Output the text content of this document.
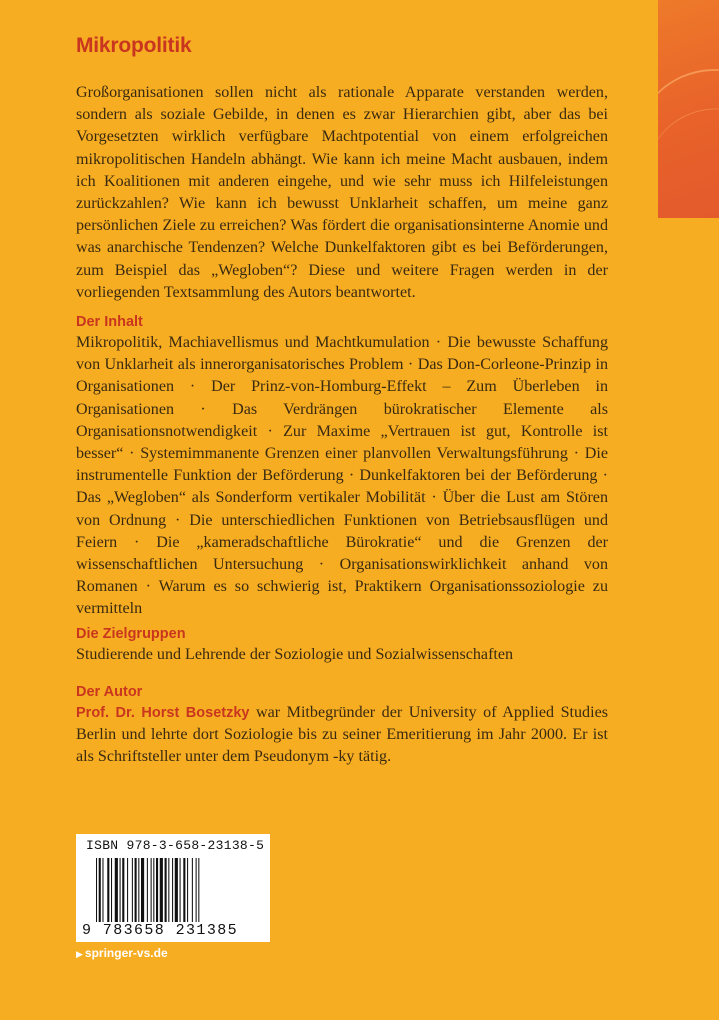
Mikropolitik

Großorganisationen sollen nicht als rationale Apparate verstanden werden, sondern als soziale Gebilde, in denen es zwar Hierarchien gibt, aber das bei Vorgesetzten wirklich verfügbare Machtpotential von einem erfolgreichen mikropolitischen Handeln abhängt. Wie kann ich meine Macht ausbauen, indem ich Koalitionen mit anderen eingehe, und wie sehr muss ich Hilfeleistungen zurückzahlen? Wie kann ich bewusst Unklarheit schaffen, um meine ganz persönlichen Ziele zu erreichen? Was fördert die organisationsinterne Anomie und was anarchische Tendenzen? Welche Dunkelfaktoren gibt es bei Beförderungen, zum Beispiel das „Wegloben“? Diese und weitere Fragen werden in der vorliegenden Textsammlung des Autors beantwortet.

Der Inhalt

Mikropolitik, Machiavellismus und Machtkumulation · Die bewusste Schaffung von Unklarheit als innerorganisatorisches Problem · Das Don-Corleone-Prinzip in Organisationen · Der Prinz-von-Homburg-Effekt – Zum Überleben in Organisationen · Das Verdrängen bürokratischer Elemente als Organisationsnotwendigkeit · Zur Maxime „Vertrauen ist gut, Kontrolle ist besser“ · Systemimmanente Grenzen einer planvollen Verwaltungsführung · Die instrumentelle Funktion der Beförderung · Dunkelfaktoren bei der Beförderung · Das „Wegloben“ als Sonderform vertikaler Mobilität · Über die Lust am Stören von Ordnung · Die unterschiedlichen Funktionen von Betriebsausflügen und Feiern · Die „kameradschaftliche Bürokratie“ und die Grenzen der wissenschaftlichen Untersuchung · Organisationswirklichkeit anhand von Romanen · Warum es so schwierig ist, Praktikern Organisationssoziologie zu vermitteln

Die Zielgruppen

Studierende und Lehrende der Soziologie und Sozialwissenschaften

Der Autor

Prof. Dr. Horst Bosetzky war Mitbegründer der University of Applied Studies Berlin und lehrte dort Soziologie bis zu seiner Emeritierung im Jahr 2000. Er ist als Schriftsteller unter dem Pseudonym -ky tätig.

ISBN 978-3-658-23138-5
9 783658 231385
▶ springer-vs.de
